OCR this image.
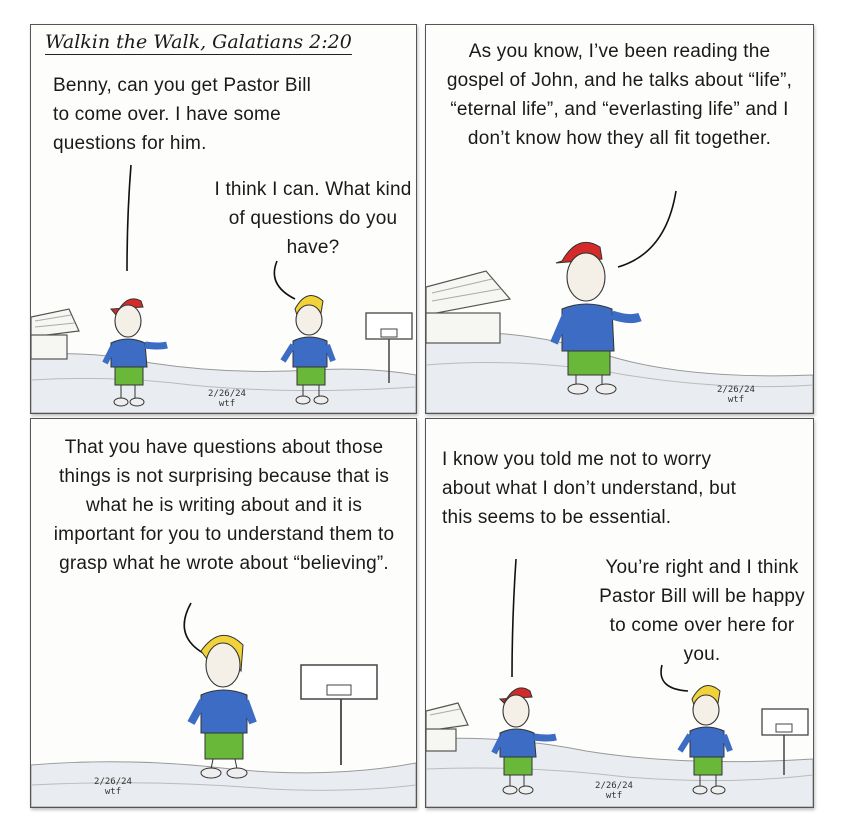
Walkin the Walk, Galatians 2:20
Benny, can you get Pastor Bill to come over. I have some questions for him.
I think I can. What kind of questions do you have?
2/26/24
wtf
As you know, I’ve been reading the gospel of John, and he talks about “life”, “eternal life”, and “everlasting life” and I don’t know how they all fit together.
2/26/24
wtf
That you have questions about those things is not surprising because that is what he is writing about and it is important for you to understand them to grasp what he wrote about “believing”.
2/26/24
wtf
I know you told me not to worry about what I don’t understand, but this seems to be essential.
You’re right and I think Pastor Bill will be happy to come over here for you.
2/26/24
wtf
